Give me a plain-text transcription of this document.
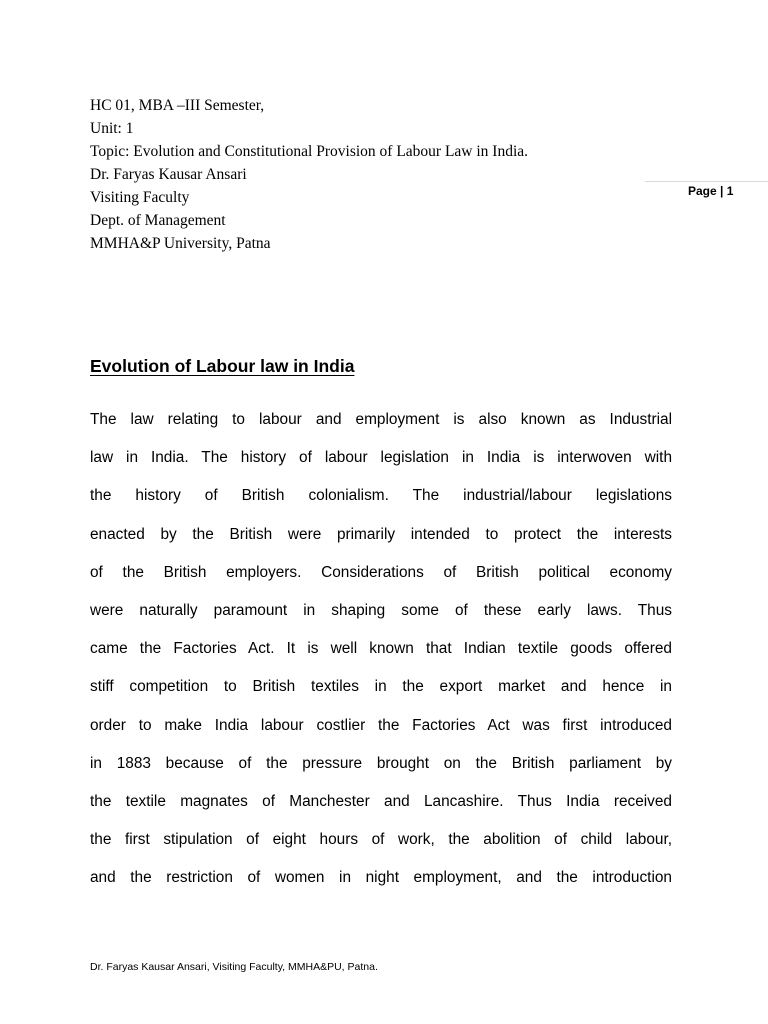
HC 01, MBA –III Semester,
Unit: 1
Topic: Evolution and Constitutional Provision of Labour Law in India.
Dr. Faryas Kausar Ansari
Visiting Faculty
Dept. of Management
MMHA&P University, Patna
Page | 1
Evolution of Labour law in India
The law relating to labour and employment is also known as Industrial
law in India. The history of labour legislation in India is interwoven with
the history of British colonialism. The industrial/labour legislations
enacted by the British were primarily intended to protect the interests
of the British employers. Considerations of British political economy
were naturally paramount in shaping some of these early laws. Thus
came the Factories Act. It is well known that Indian textile goods offered
stiff competition to British textiles in the export market and hence in
order to make India labour costlier the Factories Act was first introduced
in 1883 because of the pressure brought on the British parliament by
the textile magnates of Manchester and Lancashire. Thus India received
the first stipulation of eight hours of work, the abolition of child labour,
and the restriction of women in night employment, and the introduction
Dr. Faryas Kausar Ansari, Visiting Faculty, MMHA&PU, Patna.
